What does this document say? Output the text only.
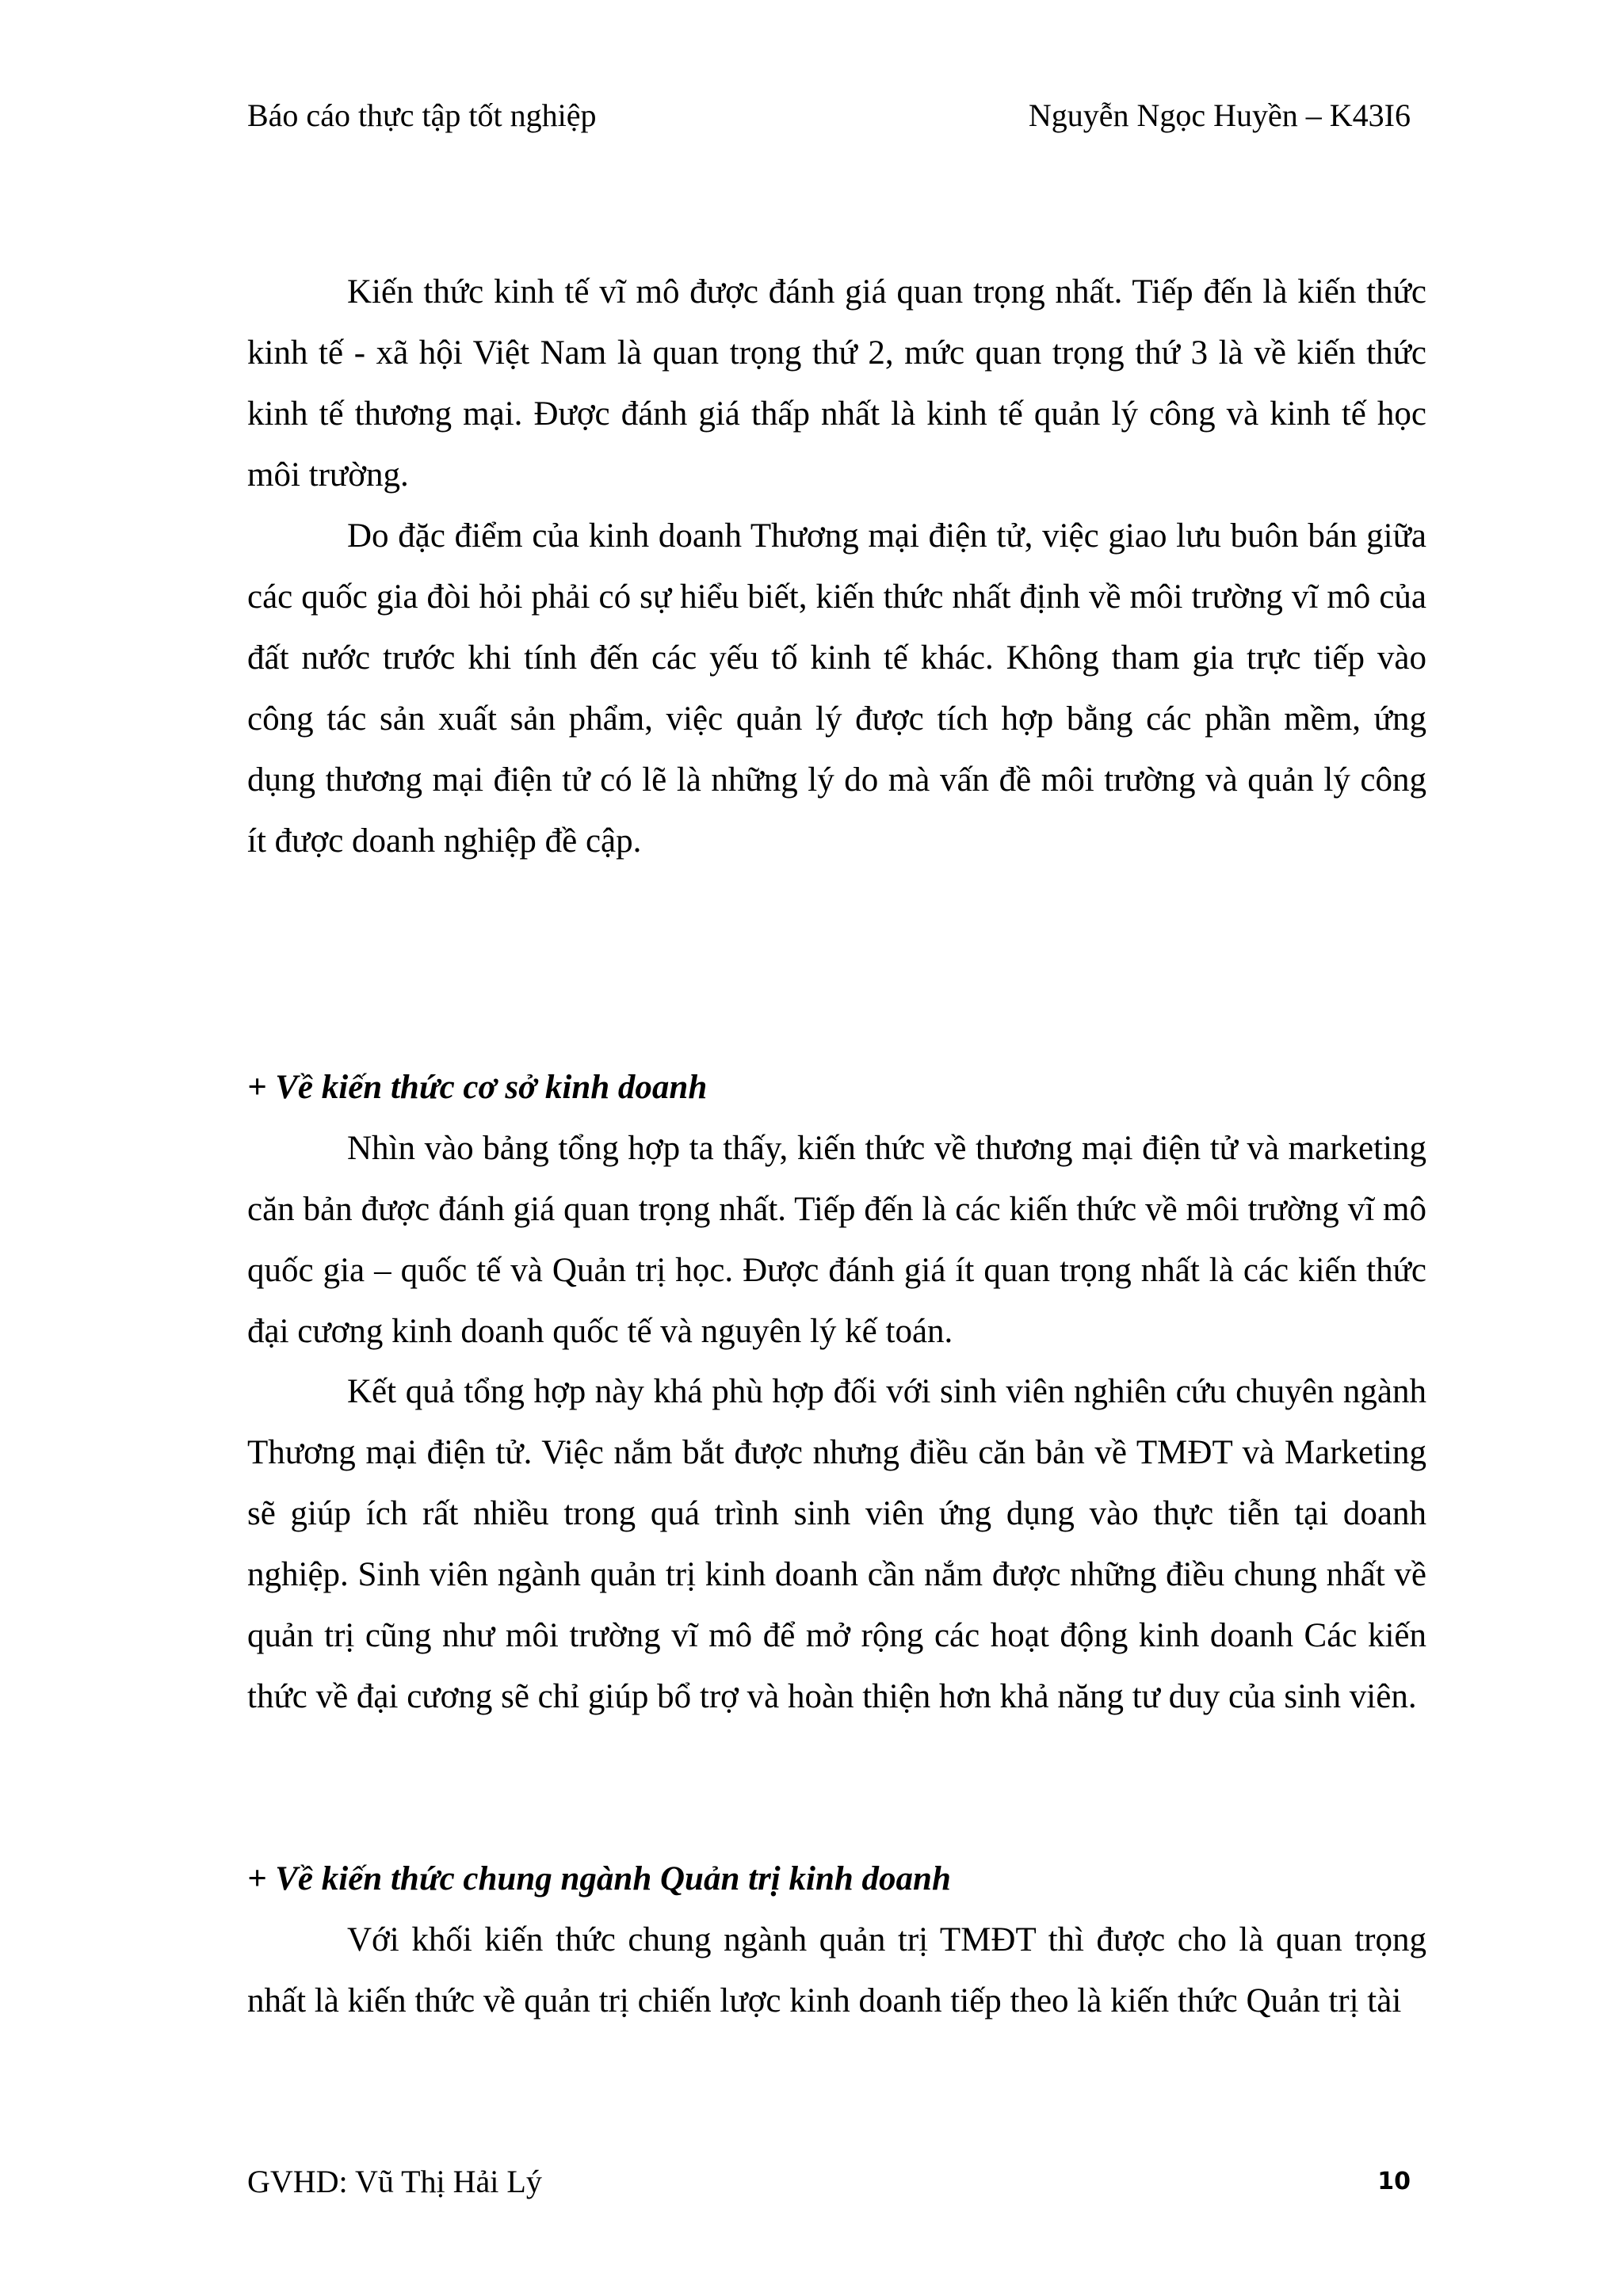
Báo cáo thực tập tốt nghiệp	Nguyễn Ngọc Huyền – K43I6

Kiến thức kinh tế vĩ mô được đánh giá quan trọng nhất. Tiếp đến là kiến thức kinh tế - xã hội Việt Nam là quan trọng thứ 2, mức quan trọng thứ 3 là về kiến thức kinh tế thương mại. Được đánh giá thấp nhất là kinh tế quản lý công và kinh tế học môi trường.

Do đặc điểm của kinh doanh Thương mại điện tử, việc giao lưu buôn bán giữa các quốc gia đòi hỏi phải có sự hiểu biết, kiến thức nhất định về môi trường vĩ mô của đất nước trước khi tính đến các yếu tố kinh tế khác. Không tham gia trực tiếp vào công tác sản xuất sản phẩm, việc quản lý được tích hợp bằng các phần mềm, ứng dụng thương mại điện tử có lẽ là những lý do mà vấn đề môi trường và quản lý công ít được doanh nghiệp đề cập.

+ Về kiến thức cơ sở kinh doanh

Nhìn vào bảng tổng hợp ta thấy, kiến thức về thương mại điện tử và marketing căn bản được đánh giá quan trọng nhất. Tiếp đến là các kiến thức về môi trường vĩ mô quốc gia – quốc tế và Quản trị học. Được đánh giá ít quan trọng nhất là các kiến thức đại cương kinh doanh quốc tế và nguyên lý kế toán.

Kết quả tổng hợp này khá phù hợp đối với sinh viên nghiên cứu chuyên ngành Thương mại điện tử. Việc nắm bắt được nhưng điều căn bản về TMĐT và Marketing sẽ giúp ích rất nhiều trong quá trình sinh viên ứng dụng vào thực tiễn tại doanh nghiệp. Sinh viên ngành quản trị kinh doanh cần nắm được những điều chung nhất về quản trị cũng như môi trường vĩ mô để mở rộng các hoạt động kinh doanh Các kiến thức về đại cương sẽ chỉ giúp bổ trợ và hoàn thiện hơn khả năng tư duy của sinh viên.

+ Về kiến thức chung ngành Quản trị kinh doanh

Với khối kiến thức chung ngành quản trị TMĐT thì được cho là quan trọng nhất là kiến thức về quản trị chiến lược kinh doanh tiếp theo là kiến thức Quản trị tài

GVHD: Vũ Thị Hải Lý	10
